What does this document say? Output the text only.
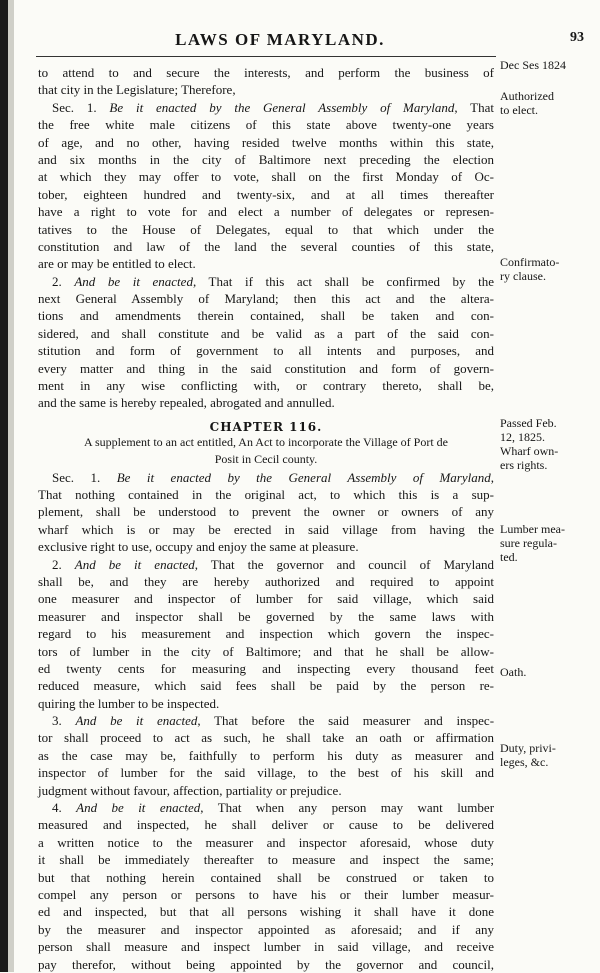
LAWS OF MARYLAND.	93
to attend to and secure the interests, and perform the business of
that city in the Legislature; Therefore,
Sec. 1. Be it enacted by the General Assembly of Maryland, That
the free white male citizens of this state above twenty-one years
of age, and no other, having resided twelve months within this state,
and six months in the city of Baltimore next preceding the election
at which they may offer to vote, shall on the first Monday of Oc-
tober, eighteen hundred and twenty-six, and at all times thereafter
have a right to vote for and elect a number of delegates or represen-
tatives to the House of Delegates, equal to that which under the
constitution and law of the land the several counties of this state,
are or may be entitled to elect.
2. And be it enacted, That if this act shall be confirmed by the
next General Assembly of Maryland; then this act and the altera-
tions and amendments therein contained, shall be taken and con-
sidered, and shall constitute and be valid as a part of the said con-
stitution and form of government to all intents and purposes, and
every matter and thing in the said constitution and form of govern-
ment in any wise conflicting with, or contrary thereto, shall be,
and the same is hereby repealed, abrogated and annulled.
CHAPTER 116.
A supplement to an act entitled, An Act to incorporate the Village of Port de
Posit in Cecil county.
Sec. 1. Be it enacted by the General Assembly of Maryland,
That nothing contained in the original act, to which this is a sup-
plement, shall be understood to prevent the owner or owners of any
wharf which is or may be erected in said village from having the
exclusive right to use, occupy and enjoy the same at pleasure.
2. And be it enacted, That the governor and council of Maryland
shall be, and they are hereby authorized and required to appoint
one measurer and inspector of lumber for said village, which said
measurer and inspector shall be governed by the same laws with
regard to his measurement and inspection which govern the inspec-
tors of lumber in the city of Baltimore; and that he shall be allow-
ed twenty cents for measuring and inspecting every thousand feet
reduced measure, which said fees shall be paid by the person re-
quiring the lumber to be inspected.
3. And be it enacted, That before the said measurer and inspec-
tor shall proceed to act as such, he shall take an oath or affirmation
as the case may be, faithfully to perform his duty as measurer and
inspector of lumber for the said village, to the best of his skill and
judgment without favour, affection, partiality or prejudice.
4. And be it enacted, That when any person may want lumber
measured and inspected, he shall deliver or cause to be delivered
a written notice to the measurer and inspector aforesaid, whose duty
it shall be immediately thereafter to measure and inspect the same;
but that nothing herein contained shall be construed or taken to
compel any person or persons to have his or their lumber measur-
ed and inspected, but that all persons wishing it shall have it done
by the measurer and inspector appointed as aforesaid; and if any
person shall measure and inspect lumber in said village, and receive
pay therefor, without being appointed by the governor and council,
Dec Ses 1824
Authorized
to elect.
Confirmato-
ry clause.
Passed Feb.
12, 1825.
Wharf own-
ers rights.
Lumber mea-
sure regula-
ted.
Oath.
Duty, privi-
leges, &c.
